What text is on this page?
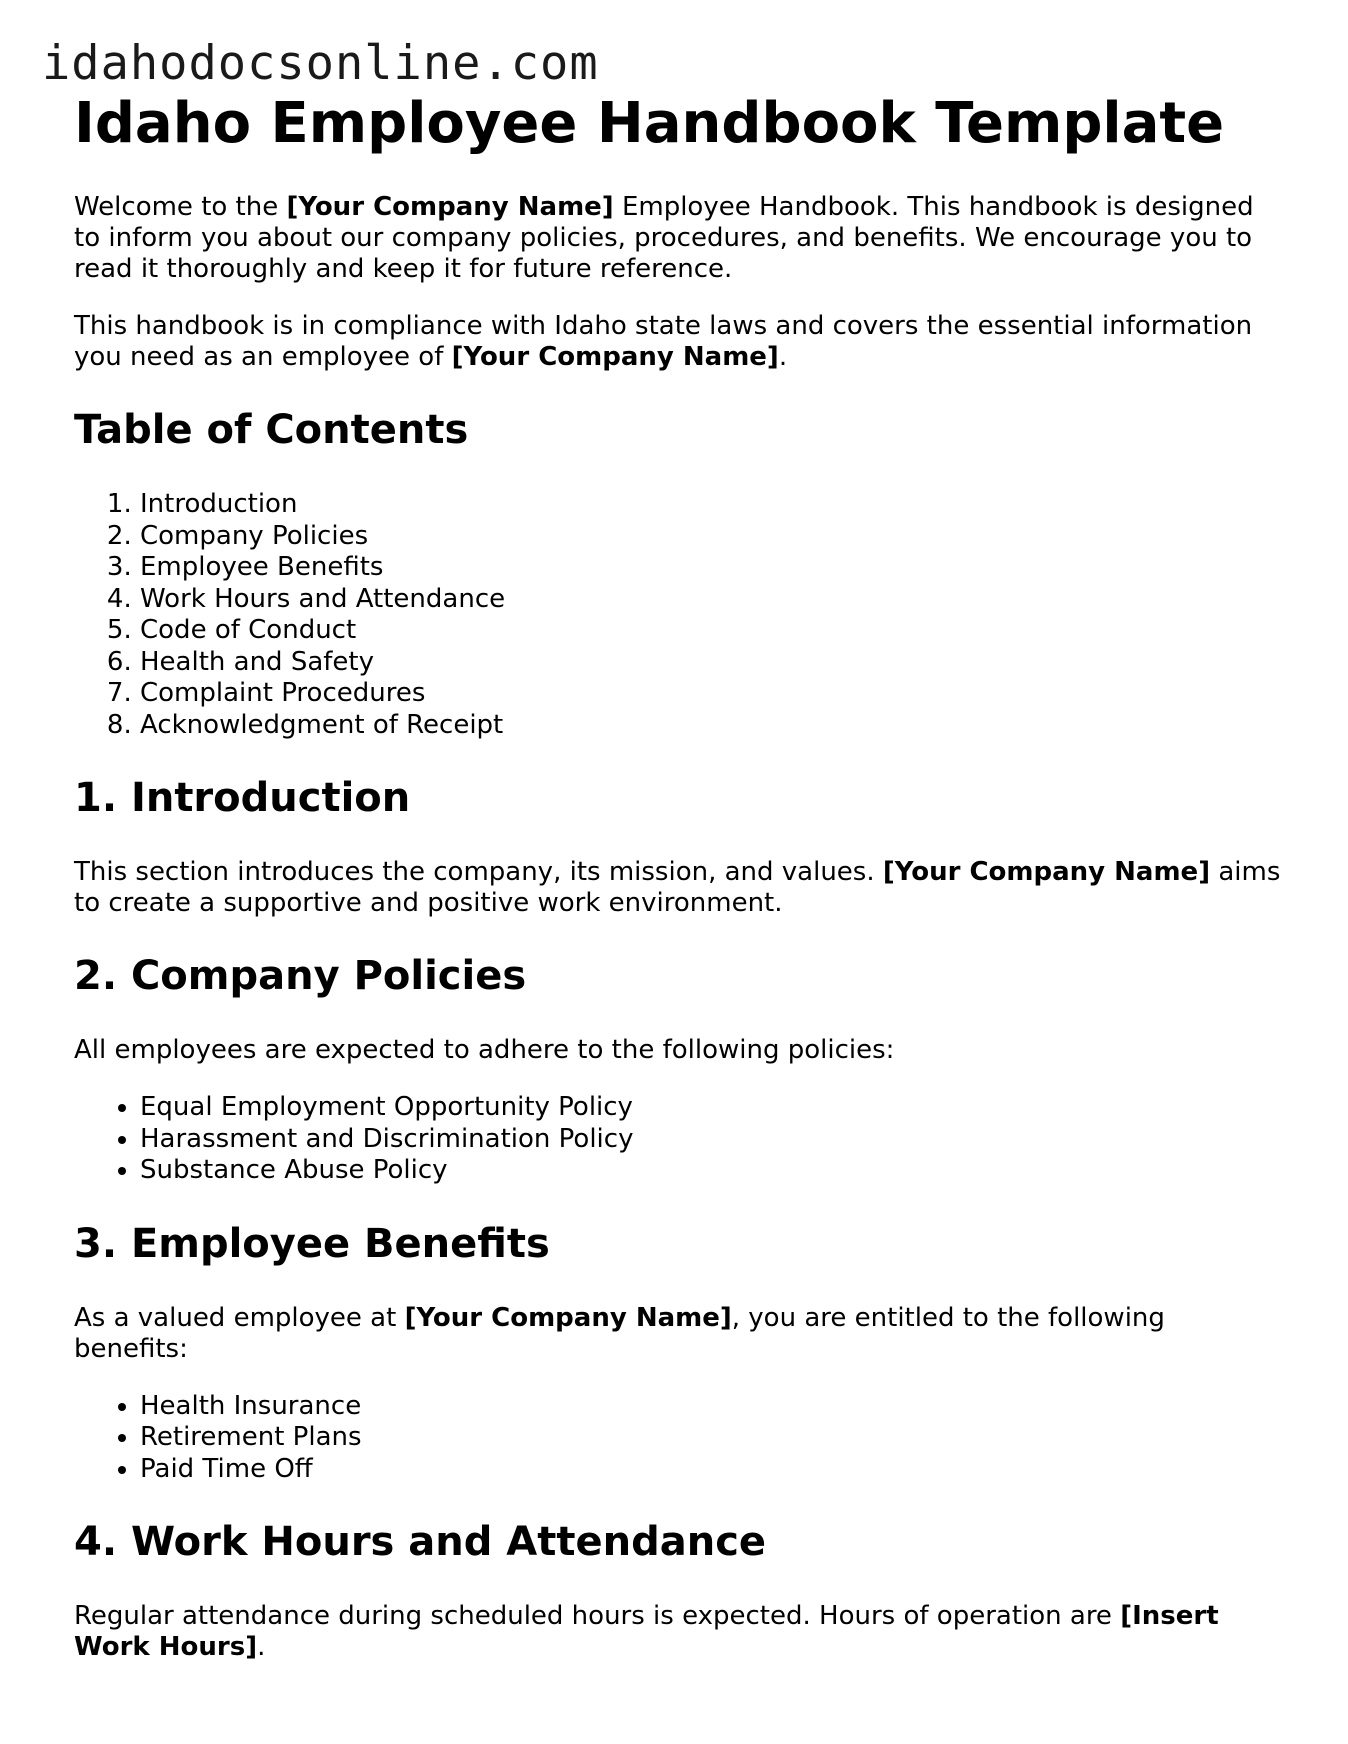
idahodocsonline.com
Idaho Employee Handbook Template

Welcome to the [Your Company Name] Employee Handbook. This handbook is designed to inform you about our company policies, procedures, and benefits. We encourage you to read it thoroughly and keep it for future reference.

This handbook is in compliance with Idaho state laws and covers the essential information you need as an employee of [Your Company Name].

Table of Contents
1. Introduction
2. Company Policies
3. Employee Benefits
4. Work Hours and Attendance
5. Code of Conduct
6. Health and Safety
7. Complaint Procedures
8. Acknowledgment of Receipt
1. Introduction

This section introduces the company, its mission, and values. [Your Company Name] aims to create a supportive and positive work environment.

2. Company Policies

All employees are expected to adhere to the following policies:

• Equal Employment Opportunity Policy
• Harassment and Discrimination Policy
• Substance Abuse Policy
3. Employee Benefits

As a valued employee at [Your Company Name], you are entitled to the following benefits:

• Health Insurance
• Retirement Plans
• Paid Time Off
4. Work Hours and Attendance

Regular attendance during scheduled hours is expected. Hours of operation are [Insert Work Hours].
